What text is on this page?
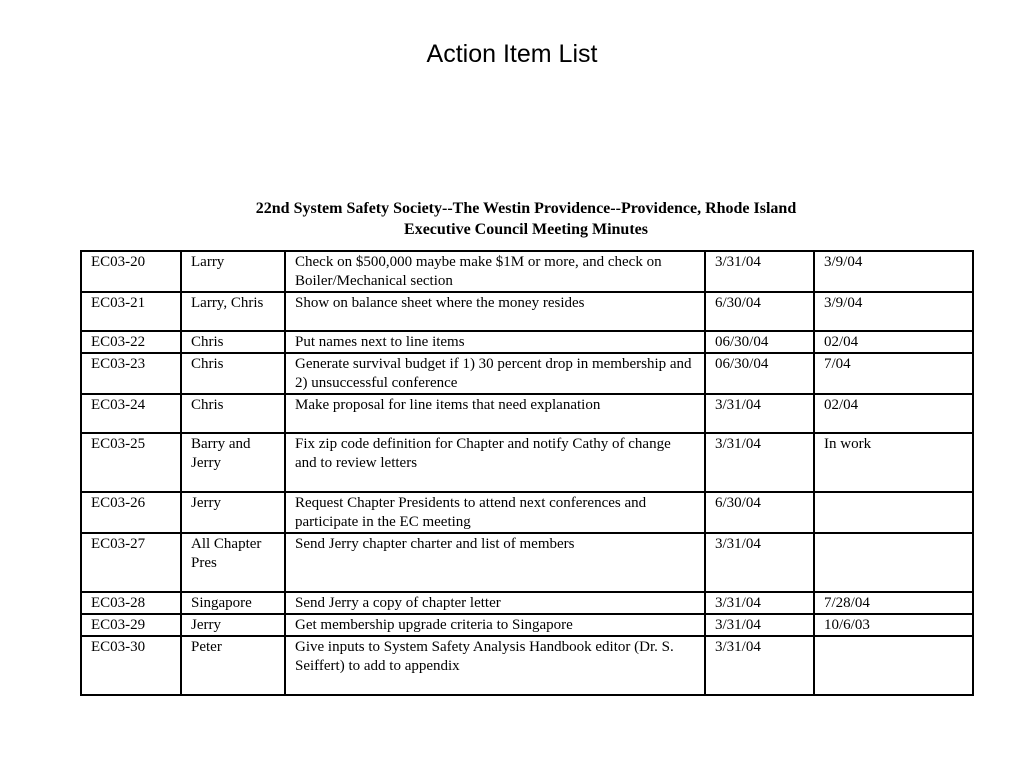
Action Item List
22nd System Safety Society--The Westin Providence--Providence, Rhode Island
Executive Council Meeting Minutes
EC03-20	Larry	Check on $500,000 maybe make $1M or more, and check on Boiler/Mechanical section	3/31/04	3/9/04
EC03-21	Larry, Chris	Show on balance sheet where the money resides	6/30/04	3/9/04
EC03-22	Chris	Put names next to line items	06/30/04	02/04
EC03-23	Chris	Generate survival budget if 1) 30 percent drop in membership and 2) unsuccessful conference	06/30/04	7/04
EC03-24	Chris	Make proposal for line items that need explanation	3/31/04	02/04
EC03-25	Barry and Jerry	Fix zip code definition for Chapter and notify Cathy of change and to review letters	3/31/04	In work
EC03-26	Jerry	Request Chapter Presidents to attend next conferences and participate in the EC meeting	6/30/04	
EC03-27	All Chapter Pres	Send Jerry chapter charter and list of members	3/31/04	
EC03-28	Singapore	Send Jerry a copy of chapter letter	3/31/04	7/28/04
EC03-29	Jerry	Get membership upgrade criteria to Singapore	3/31/04	10/6/03
EC03-30	Peter	Give inputs to System Safety Analysis Handbook editor (Dr. S. Seiffert) to add to appendix	3/31/04	
